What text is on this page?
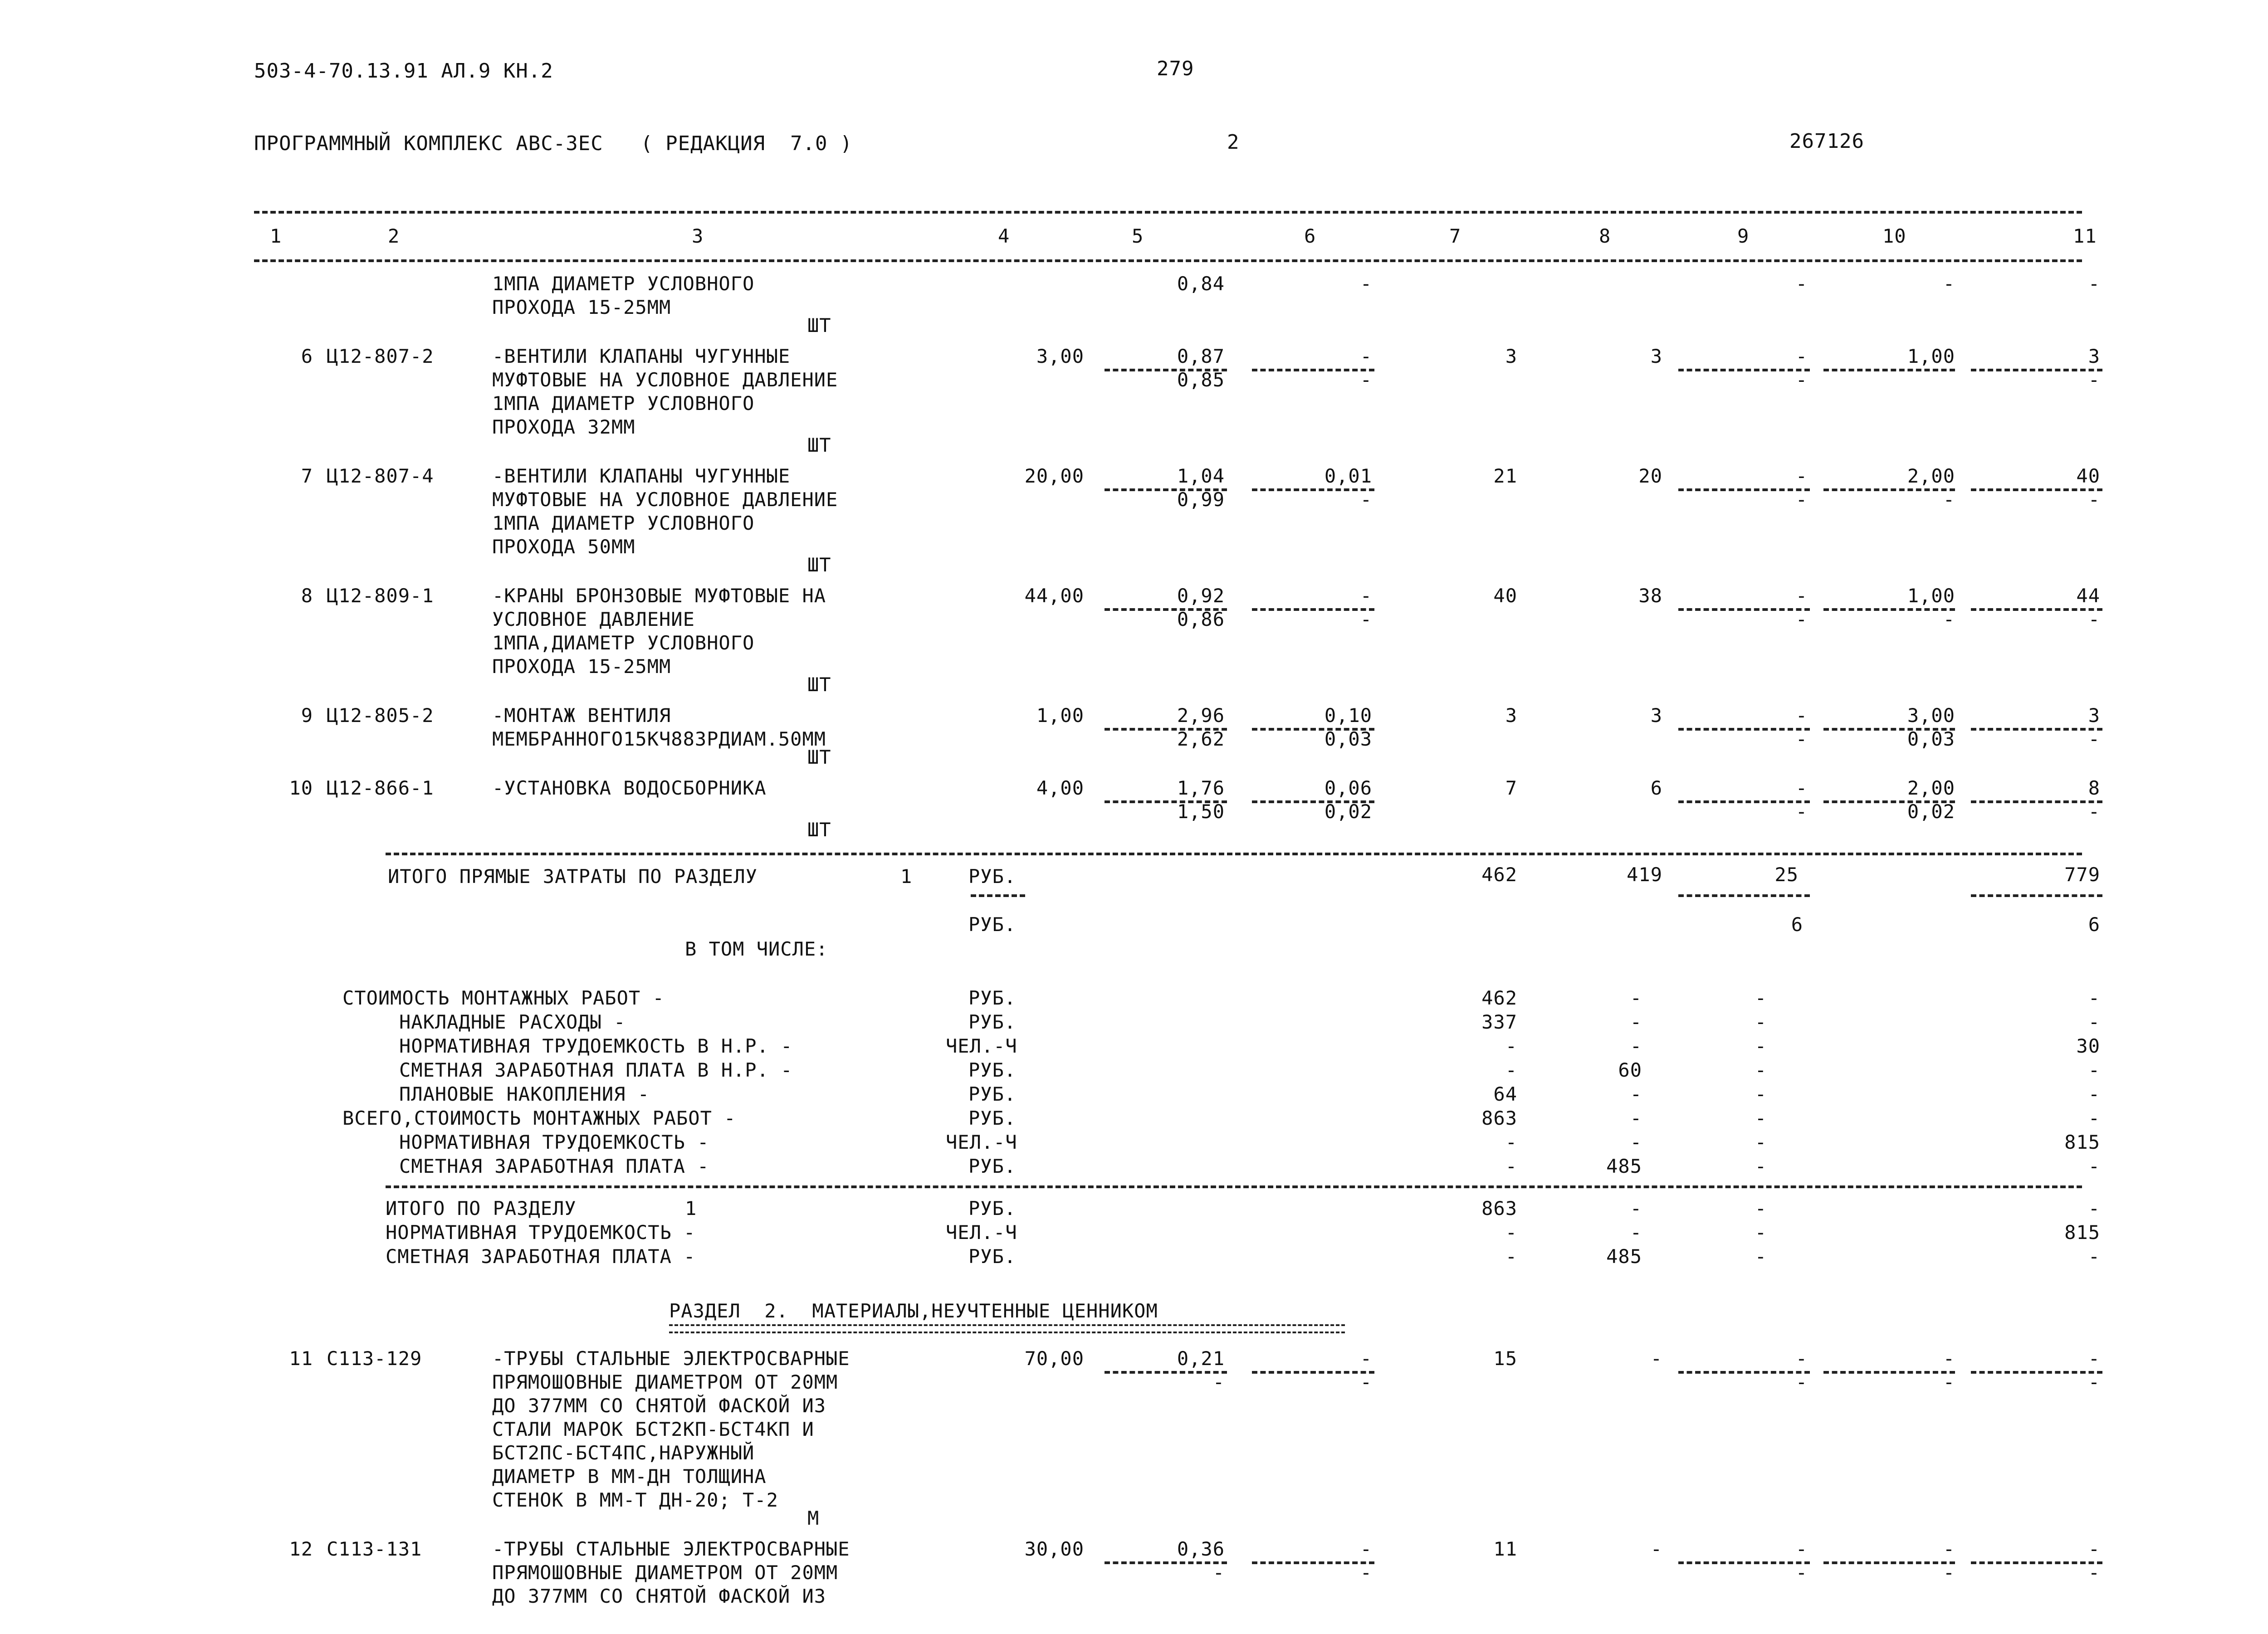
503-4-70.13.91 АЛ.9 КН.2	279
ПРОГРАММНЫЙ КОМПЛЕКС АВС-3ЕС   ( РЕДАКЦИЯ  7.0 )	2	267126
1	2	3	4	5	6	7	8	9	10	11
1МПА ДИАМЕТР УСЛОВНОГО
ПРОХОДА 15-25ММ
0,84	-	-	-	-
ШТ
6 Ц12-807-2	-ВЕНТИЛИ КЛАПАНЫ ЧУГУННЫЕ
МУФТОВЫЕ НА УСЛОВНОЕ ДАВЛЕНИЕ
1МПА ДИАМЕТР УСЛОВНОГО
ПРОХОДА 32ММ
3,00	0,87	-	3	3	-	1,00	3
0,85	-	-	-
ШТ
7 Ц12-807-4	-ВЕНТИЛИ КЛАПАНЫ ЧУГУННЫЕ
МУФТОВЫЕ НА УСЛОВНОЕ ДАВЛЕНИЕ
1МПА ДИАМЕТР УСЛОВНОГО
ПРОХОДА 50ММ
20,00	1,04	0,01	21	20	-	2,00	40
0,99	-	-	-	-
ШТ
8 Ц12-809-1	-КРАНЫ БРОНЗОВЫЕ МУФТОВЫЕ НА
УСЛОВНОЕ ДАВЛЕНИЕ
1МПА,ДИАМЕТР УСЛОВНОГО
ПРОХОДА 15-25ММ
44,00	0,92	-	40	38	-	1,00	44
0,86	-	-	-	-
ШТ
9 Ц12-805-2	-МОНТАЖ ВЕНТИЛЯ
МЕМБРАННОГО15КЧ883РДИАМ.50ММ
1,00	2,96	0,10	3	3	-	3,00	3
2,62	0,03	-	0,03	-
ШТ
10 Ц12-866-1	-УСТАНОВКА ВОДОСБОРНИКА	4,00	1,76	0,06	7	6	-	2,00	8
1,50	0,02	-	0,02	-
ШТ
ИТОГО ПРЯМЫЕ ЗАТРАТЫ ПО РАЗДЕЛУ	1	РУБ.	462	419	25	779
РУБ.	6	6
В ТОМ ЧИСЛЕ:
СТОИМОСТЬ МОНТАЖНЫХ РАБОТ -	РУБ.	462	-	-	-
НАКЛАДНЫЕ РАСХОДЫ -	РУБ.	337	-	-	-
НОРМАТИВНАЯ ТРУДОЕМКОСТЬ В Н.Р. -	ЧЕЛ.-Ч	-	-	-	30
СМЕТНАЯ ЗАРАБОТНАЯ ПЛАТА В Н.Р. -	РУБ.	-	60	-	-
ПЛАНОВЫЕ НАКОПЛЕНИЯ -	РУБ.	64	-	-	-
ВСЕГО,СТОИМОСТЬ МОНТАЖНЫХ РАБОТ -	РУБ.	863	-	-	-
НОРМАТИВНАЯ ТРУДОЕМКОСТЬ -	ЧЕЛ.-Ч	-	-	-	815
СМЕТНАЯ ЗАРАБОТНАЯ ПЛАТА -	РУБ.	-	485	-	-
ИТОГО ПО РАЗДЕЛУ	1	РУБ.	863	-	-	-
НОРМАТИВНАЯ ТРУДОЕМКОСТЬ -	ЧЕЛ.-Ч	-	-	-	815
СМЕТНАЯ ЗАРАБОТНАЯ ПЛАТА -	РУБ.	-	485	-	-
РАЗДЕЛ  2.  МАТЕРИАЛЫ,НЕУЧТЕННЫЕ ЦЕННИКОМ
11 С113-129	-ТРУБЫ СТАЛЬНЫЕ ЭЛЕКТРОСВАРНЫЕ
ПРЯМОШОВНЫЕ ДИАМЕТРОМ ОТ 20ММ
ДО 377ММ СО СНЯТОЙ ФАСКОЙ ИЗ
СТАЛИ МАРОК БСТ2КП-БСТ4КП И
БСТ2ПС-БСТ4ПС,НАРУЖНЫЙ
ДИАМЕТР В ММ-ДН ТОЛЩИНА
СТЕНОК В ММ-Т ДН-20; Т-2
70,00	0,21	-	15	-	-	-	-
-	-	-	-	-
М
12 С113-131	-ТРУБЫ СТАЛЬНЫЕ ЭЛЕКТРОСВАРНЫЕ
ПРЯМОШОВНЫЕ ДИАМЕТРОМ ОТ 20ММ
ДО 377ММ СО СНЯТОЙ ФАСКОЙ ИЗ
30,00	0,36	-	11	-	-	-	-
-	-	-	-	-
